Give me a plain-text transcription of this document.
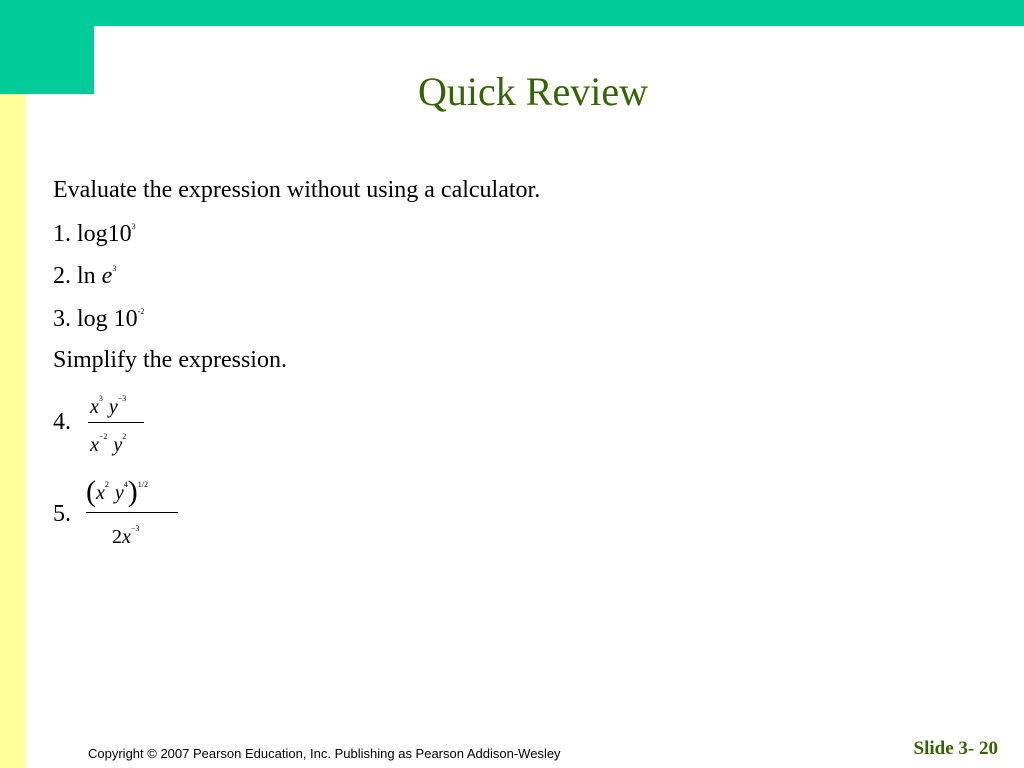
Quick Review
Evaluate the expression without using a calculator.
1. $\log 10^3$
2. $\ln e^3$
3. $\log 10^{-2}$
Simplify the expression.
4.
$x^3$ $y^{-3}$
$x^{-2}$ $y^2$
5.
($x^2$ $y^4)^{1/2}$
$2x^{-3}$
Copyright © 2007 Pearson Education, Inc. Publishing as Pearson Addison-Wesley	Slide 3- 20
